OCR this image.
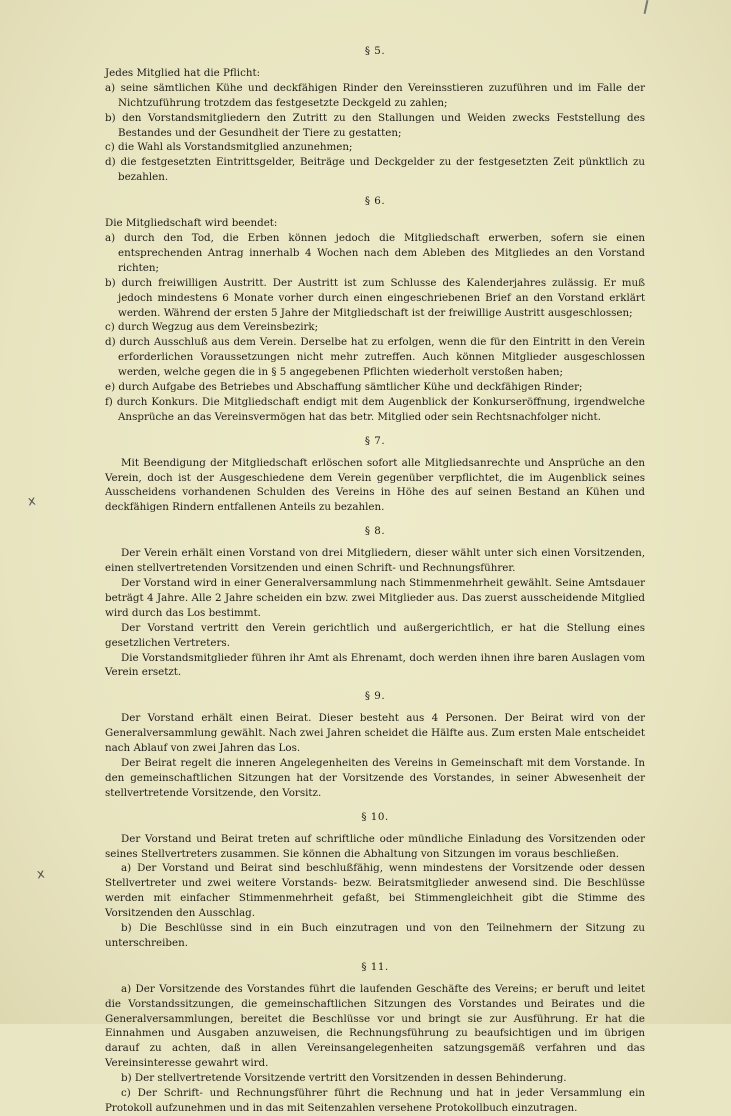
x
x
§ 5.

Jedes Mitglied hat die Pflicht:

a) seine sämtlichen Kühe und deckfähigen Rinder den Vereinsstieren zuzuführen und im Falle der Nichtzuführung trotzdem das festgesetzte Deckgeld zu zahlen;

b) den Vorstandsmitgliedern den Zutritt zu den Stallungen und Weiden zwecks Feststellung des Bestandes und der Gesundheit der Tiere zu gestatten;

c) die Wahl als Vorstandsmitglied anzunehmen;

d) die festgesetzten Eintrittsgelder, Beiträge und Deckgelder zu der festgesetzten Zeit pünktlich zu bezahlen.

§ 6.

Die Mitgliedschaft wird beendet:

a) durch den Tod, die Erben können jedoch die Mitgliedschaft erwerben, sofern sie einen entsprechenden Antrag innerhalb 4 Wochen nach dem Ableben des Mitgliedes an den Vorstand richten;

b) durch freiwilligen Austritt. Der Austritt ist zum Schlusse des Kalenderjahres zulässig. Er muß jedoch mindestens 6 Monate vorher durch einen eingeschriebenen Brief an den Vorstand erklärt werden. Während der ersten 5 Jahre der Mitgliedschaft ist der freiwillige Austritt ausgeschlossen;

c) durch Wegzug aus dem Vereinsbezirk;

d) durch Ausschluß aus dem Verein. Derselbe hat zu erfolgen, wenn die für den Eintritt in den Verein erforderlichen Voraussetzungen nicht mehr zutreffen. Auch können Mitglieder ausgeschlossen werden, welche gegen die in § 5 angegebenen Pflichten wiederholt verstoßen haben;

e) durch Aufgabe des Betriebes und Abschaffung sämtlicher Kühe und deckfähigen Rinder;

f) durch Konkurs. Die Mitgliedschaft endigt mit dem Augenblick der Konkurseröffnung, irgendwelche Ansprüche an das Vereinsvermögen hat das betr. Mitglied oder sein Rechtsnachfolger nicht.

§ 7.

Mit Beendigung der Mitgliedschaft erlöschen sofort alle Mitgliedsanrechte und Ansprüche an den Verein, doch ist der Ausgeschiedene dem Verein gegenüber verpflichtet, die im Augenblick seines Ausscheidens vorhandenen Schulden des Vereins in Höhe des auf seinen Bestand an Kühen und deckfähigen Rindern entfallenen Anteils zu bezahlen.

§ 8.

Der Verein erhält einen Vorstand von drei Mitgliedern, dieser wählt unter sich einen Vorsitzenden, einen stellvertretenden Vorsitzenden und einen Schrift- und Rechnungsführer.

Der Vorstand wird in einer Generalversammlung nach Stimmenmehrheit gewählt. Seine Amtsdauer beträgt 4 Jahre. Alle 2 Jahre scheiden ein bzw. zwei Mitglieder aus. Das zuerst ausscheidende Mitglied wird durch das Los bestimmt.

Der Vorstand vertritt den Verein gerichtlich und außergerichtlich, er hat die Stellung eines gesetzlichen Vertreters.

Die Vorstandsmitglieder führen ihr Amt als Ehrenamt, doch werden ihnen ihre baren Auslagen vom Verein ersetzt.

§ 9.

Der Vorstand erhält einen Beirat. Dieser besteht aus 4 Personen. Der Beirat wird von der Generalversammlung gewählt. Nach zwei Jahren scheidet die Hälfte aus. Zum ersten Male entscheidet nach Ablauf von zwei Jahren das Los.

Der Beirat regelt die inneren Angelegenheiten des Vereins in Gemeinschaft mit dem Vorstande. In den gemeinschaftlichen Sitzungen hat der Vorsitzende des Vorstandes, in seiner Abwesenheit der stellvertretende Vorsitzende, den Vorsitz.

§ 10.

Der Vorstand und Beirat treten auf schriftliche oder mündliche Einladung des Vorsitzenden oder seines Stellvertreters zusammen. Sie können die Abhaltung von Sitzungen im voraus beschließen.

a) Der Vorstand und Beirat sind beschlußfähig, wenn mindestens der Vorsitzende oder dessen Stellvertreter und zwei weitere Vorstands- bezw. Beiratsmitglieder anwesend sind. Die Beschlüsse werden mit einfacher Stimmenmehrheit gefaßt, bei Stimmengleichheit gibt die Stimme des Vorsitzenden den Ausschlag.

b) Die Beschlüsse sind in ein Buch einzutragen und von den Teilnehmern der Sitzung zu unterschreiben.

§ 11.

a) Der Vorsitzende des Vorstandes führt die laufenden Geschäfte des Vereins; er beruft und leitet die Vorstandssitzungen, die gemeinschaftlichen Sitzungen des Vorstandes und Beirates und die Generalversammlungen, bereitet die Beschlüsse vor und bringt sie zur Ausführung. Er hat die Einnahmen und Ausgaben anzuweisen, die Rechnungsführung zu beaufsichtigen und im übrigen darauf zu achten, daß in allen Vereinsangelegenheiten satzungsgemäß verfahren und das Vereinsinteresse gewahrt wird.

b) Der stellvertretende Vorsitzende vertritt den Vorsitzenden in dessen Behinderung.

c) Der Schrift- und Rechnungsführer führt die Rechnung und hat in jeder Versammlung ein Protokoll aufzunehmen und in das mit Seitenzahlen versehene Protokollbuch einzutragen.
